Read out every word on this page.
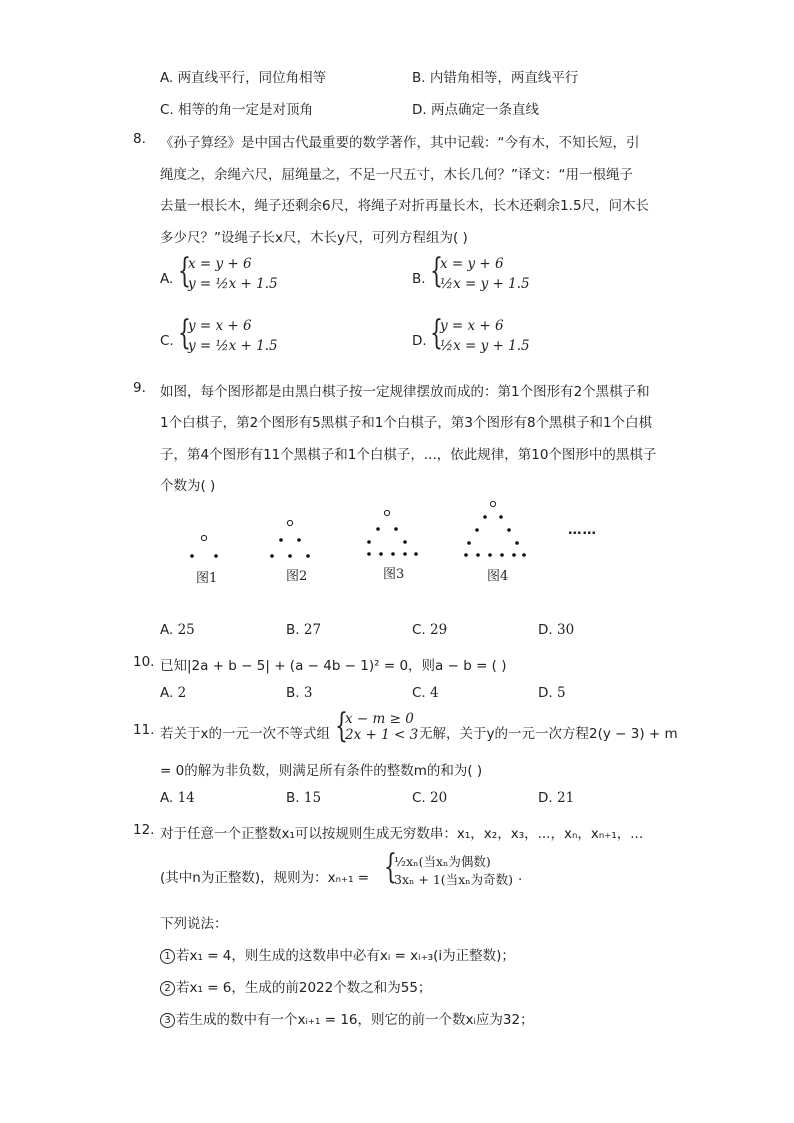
A. 两直线平行，同位角相等	B. 内错角相等，两直线平行
C. 相等的角一定是对顶角	D. 两点确定一条直线
8. 《孙子算经》是中国古代最重要的数学著作，其中记载：“今有木，不知长短，引
绳度之，余绳六尺，屈绳量之，不足一尺五寸，木长几何？”译文：“用一根绳子
去量一根长木，绳子还剩余6尺，将绳子对折再量长木，长木还剩余1.5尺，问木长
多少尺？”设绳子长x尺，木长y尺，可列方程组为( )
A. {
x = y + 6
y = ½x + 1.5	B. {
x = y + 6
½x = y + 1.5
C. {
y = x + 6
y = ½x + 1.5	D. {
y = x + 6
½x = y + 1.5
9. 如图，每个图形都是由黑白棋子按一定规律摆放而成的：第1个图形有2个黑棋子和
1个白棋子，第2个图形有5黑棋子和1个白棋子，第3个图形有8个黑棋子和1个白棋
子，第4个图形有11个黑棋子和1个白棋子，...，依此规律，第10个图形中的黑棋子
个数为( )
图1	图2	图3	图4
……
A. 25	B. 27	C. 29	D. 30
10. 已知|2a + b − 5| + (a − 4b − 1)² = 0，则a − b = ( )
A. 2	B. 3	C. 4	D. 5
11. 若关于x的一元一次不等式组 {
x − m ≥ 0
2x + 1 < 3 无解，关于y的一元一次方程2(y − 3) + m
= 0的解为非负数，则满足所有条件的整数m的和为( )
A. 14	B. 15	C. 20	D. 21
12. 对于任意一个正整数x₁可以按规则生成无穷数串：x₁，x₂，x₃，...，xₙ，xₙ₊₁，...
(其中n为正整数)，规则为：xₙ₊₁ = {
½xₙ(当xₙ为偶数)
3xₙ + 1(当xₙ为奇数) .
下列说法：
1 若x₁ = 4，则生成的这数串中必有xᵢ = xᵢ₊₃(i为正整数)；
2 若x₁ = 6，生成的前2022个数之和为55；
3 若生成的数中有一个xᵢ₊₁ = 16，则它的前一个数xᵢ应为32；
